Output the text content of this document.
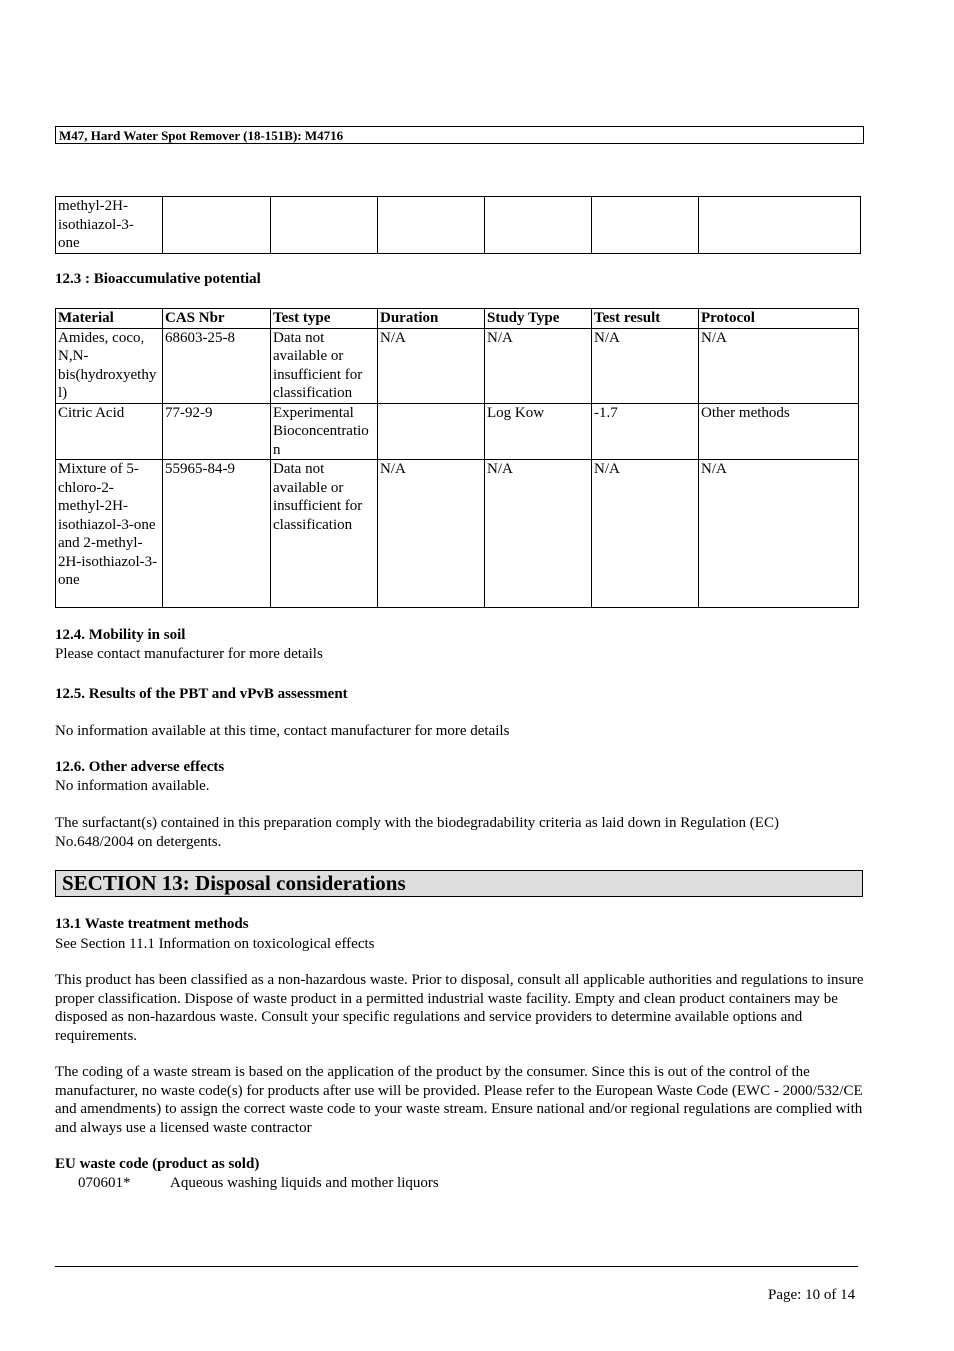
M47, Hard Water Spot Remover (18-151B): M4716
methyl-2H-
isothiazol-3-
one						
12.3 : Bioaccumulative potential
Material	CAS Nbr	Test type	Duration	Study Type	Test result	Protocol
Amides, coco, N,N-bis(hydroxyethyl)	68603-25-8	Data not available or insufficient for classification	N/A	N/A	N/A	N/A
Citric Acid	77-92-9	Experimental Bioconcentration		Log Kow	-1.7	Other methods
Mixture of 5-chloro-2-methyl-2H-isothiazol-3-one and 2-methyl-2H-isothiazol-3-one	55965-84-9	Data not available or insufficient for classification	N/A	N/A	N/A	N/A
12.4. Mobility in soil
Please contact manufacturer for more details
12.5. Results of the PBT and vPvB assessment
No information available at this time, contact manufacturer for more details
12.6. Other adverse effects
No information available.
The surfactant(s) contained in this preparation comply with the biodegradability criteria as laid down in Regulation (EC) No.648/2004 on detergents.
SECTION 13: Disposal considerations
13.1 Waste treatment methods
See Section 11.1 Information on toxicological effects
This product has been classified as a non-hazardous waste. Prior to disposal, consult all applicable authorities and regulations to insure proper classification. Dispose of waste product in a permitted industrial waste facility. Empty and clean product containers may be disposed as non-hazardous waste. Consult your specific regulations and service providers to determine available options and requirements.
The coding of a waste stream is based on the application of the product by the consumer. Since this is out of the control of the manufacturer, no waste code(s) for products after use will be provided. Please refer to the European Waste Code (EWC - 2000/532/CE and amendments) to assign the correct waste code to your waste stream. Ensure national and/or regional regulations are complied with and always use a licensed waste contractor
EU waste code (product as sold)
070601*	Aqueous washing liquids and mother liquors
Page: 10 of 14
